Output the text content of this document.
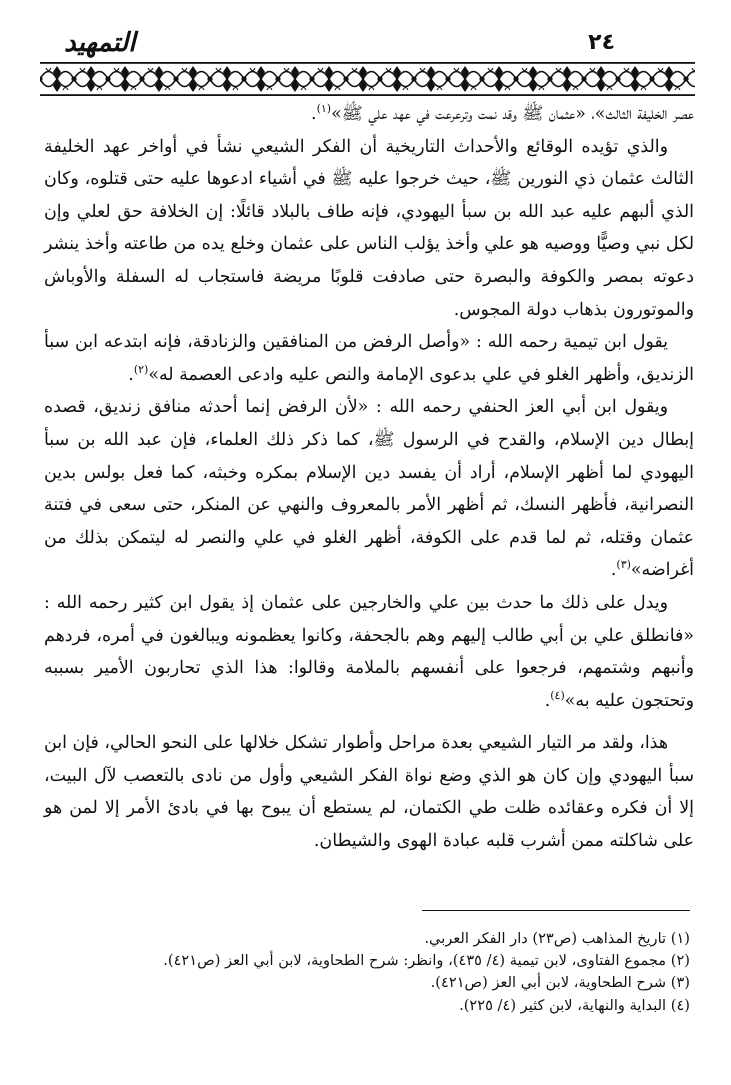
التمهيد	٢٤

عصر الخليفة الثالث»، «عثمان ﷺ وقد نمت وترعرعت في عهد علي ﷺ»$^{(١)}$.

والذي تؤيده الوقائع والأحداث التاريخية أن الفكر الشيعي نشأ في أواخر عهد الخليفة الثالث عثمان ذي النورين ﷺ، حيث خرجوا عليه ﷺ في أشياء ادعوها عليه حتى قتلوه، وكان الذي ألبهم عليه عبد الله بن سبأ اليهودي، فإنه طاف بالبلاد قائلًا: إن الخلافة حق لعلي وإن لكل نبي وصيًّا ووصيه هو علي وأخذ يؤلب الناس على عثمان وخلع يده من طاعته وأخذ ينشر دعوته بمصر والكوفة والبصرة حتى صادفت قلوبًا مريضة فاستجاب له السفلة والأوباش والموتورون بذهاب دولة المجوس.

يقول ابن تيمية رحمه الله : «وأصل الرفض من المنافقين والزنادقة، فإنه ابتدعه ابن سبأ الزنديق، وأظهر الغلو في علي بدعوى الإمامة والنص عليه وادعى العصمة له»$^{(٢)}$.

ويقول ابن أبي العز الحنفي رحمه الله : «لأن الرفض إنما أحدثه منافق زنديق، قصده إبطال دين الإسلام، والقدح في الرسول ﷺ، كما ذكر ذلك العلماء، فإن عبد الله بن سبأ اليهودي لما أظهر الإسلام، أراد أن يفسد دين الإسلام بمكره وخبثه، كما فعل بولس بدين النصرانية، فأظهر النسك، ثم أظهر الأمر بالمعروف والنهي عن المنكر، حتى سعى في فتنة عثمان وقتله، ثم لما قدم على الكوفة، أظهر الغلو في علي والنصر له ليتمكن بذلك من أغراضه»$^{(٣)}$.

ويدل على ذلك ما حدث بين علي والخارجين على عثمان إذ يقول ابن كثير رحمه الله : «فانطلق علي بن أبي طالب إليهم وهم بالجحفة، وكانوا يعظمونه ويبالغون في أمره، فردهم وأنبهم وشتمهم، فرجعوا على أنفسهم بالملامة وقالوا: هذا الذي تحاربون الأمير بسببه وتحتجون عليه به»$^{(٤)}$.

هذا، ولقد مر التيار الشيعي بعدة مراحل وأطوار تشكل خلالها على النحو الحالي، فإن ابن سبأ اليهودي وإن كان هو الذي وضع نواة الفكر الشيعي وأول من نادى بالتعصب لآل البيت، إلا أن فكره وعقائده ظلت طي الكتمان، لم يستطع أن يبوح بها في بادئ الأمر إلا لمن هو على شاكلته ممن أشرب قلبه عبادة الهوى والشيطان.

(١) تاريخ المذاهب (ص٢٣) دار الفكر العربي.
(٢) مجموع الفتاوى، لابن تيمية (٤/ ٤٣٥)، وانظر: شرح الطحاوية، لابن أبي العز (ص٤٢١).
(٣) شرح الطحاوية، لابن أبي العز (ص٤٢١).
(٤) البداية والنهاية، لابن كثير (٤/ ٢٢٥).
